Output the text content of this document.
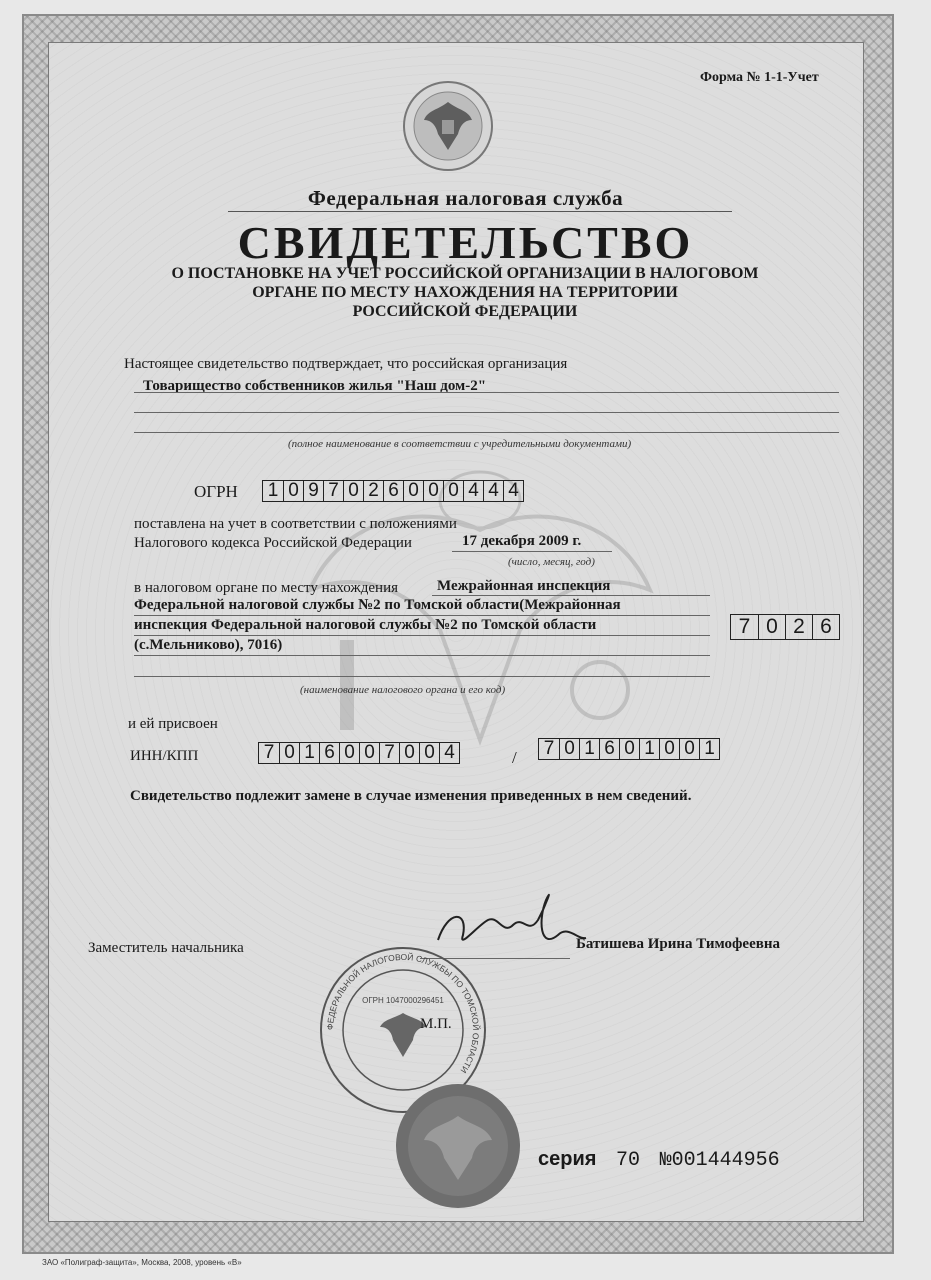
Форма № 1-1-Учет
Федеральная налоговая служба
СВИДЕТЕЛЬСТВО
О ПОСТАНОВКЕ НА УЧЕТ РОССИЙСКОЙ ОРГАНИЗАЦИИ В НАЛОГОВОМ
ОРГАНЕ ПО МЕСТУ НАХОЖДЕНИЯ НА ТЕРРИТОРИИ
РОССИЙСКОЙ ФЕДЕРАЦИИ
Настоящее свидетельство подтверждает, что российская организация
Товарищество собственников жилья "Наш дом-2"
(полное наименование в соответствии с учредительными документами)
ОГРН 1 0 9 7 0 2 6 0 0 0 4 4 4
поставлена на учет в соответствии с положениями
Налогового кодекса Российской Федерации	17 декабря 2009 г.
(число, месяц, год)
в налоговом органе по месту нахождения	Межрайонная инспекция
Федеральной налоговой службы №2 по Томской области(Межрайонная
инспекция Федеральной налоговой службы №2 по Томской области
(с.Мельниково), 7016)
(наименование налогового органа и его код)
7 0 2 6
и ей присвоен
ИНН/КПП	7 0 1 6 0 0 7 0 0 4	/ 7 0 1 6 0 1 0 0 1
Свидетельство подлежит замене в случае изменения приведенных в нем сведений.
Заместитель начальника	Батишева Ирина Тимофеевна
ФЕДЕРАЛЬНОЙ НАЛОГОВОЙ СЛУЖБЫ ПО ТОМСКОЙ ОБЛАСТИ
ОГРН 1047000296451
М.П.
серия 70 №001444956
ЗАО «Полиграф-защита», Москва, 2008, уровень «В»
